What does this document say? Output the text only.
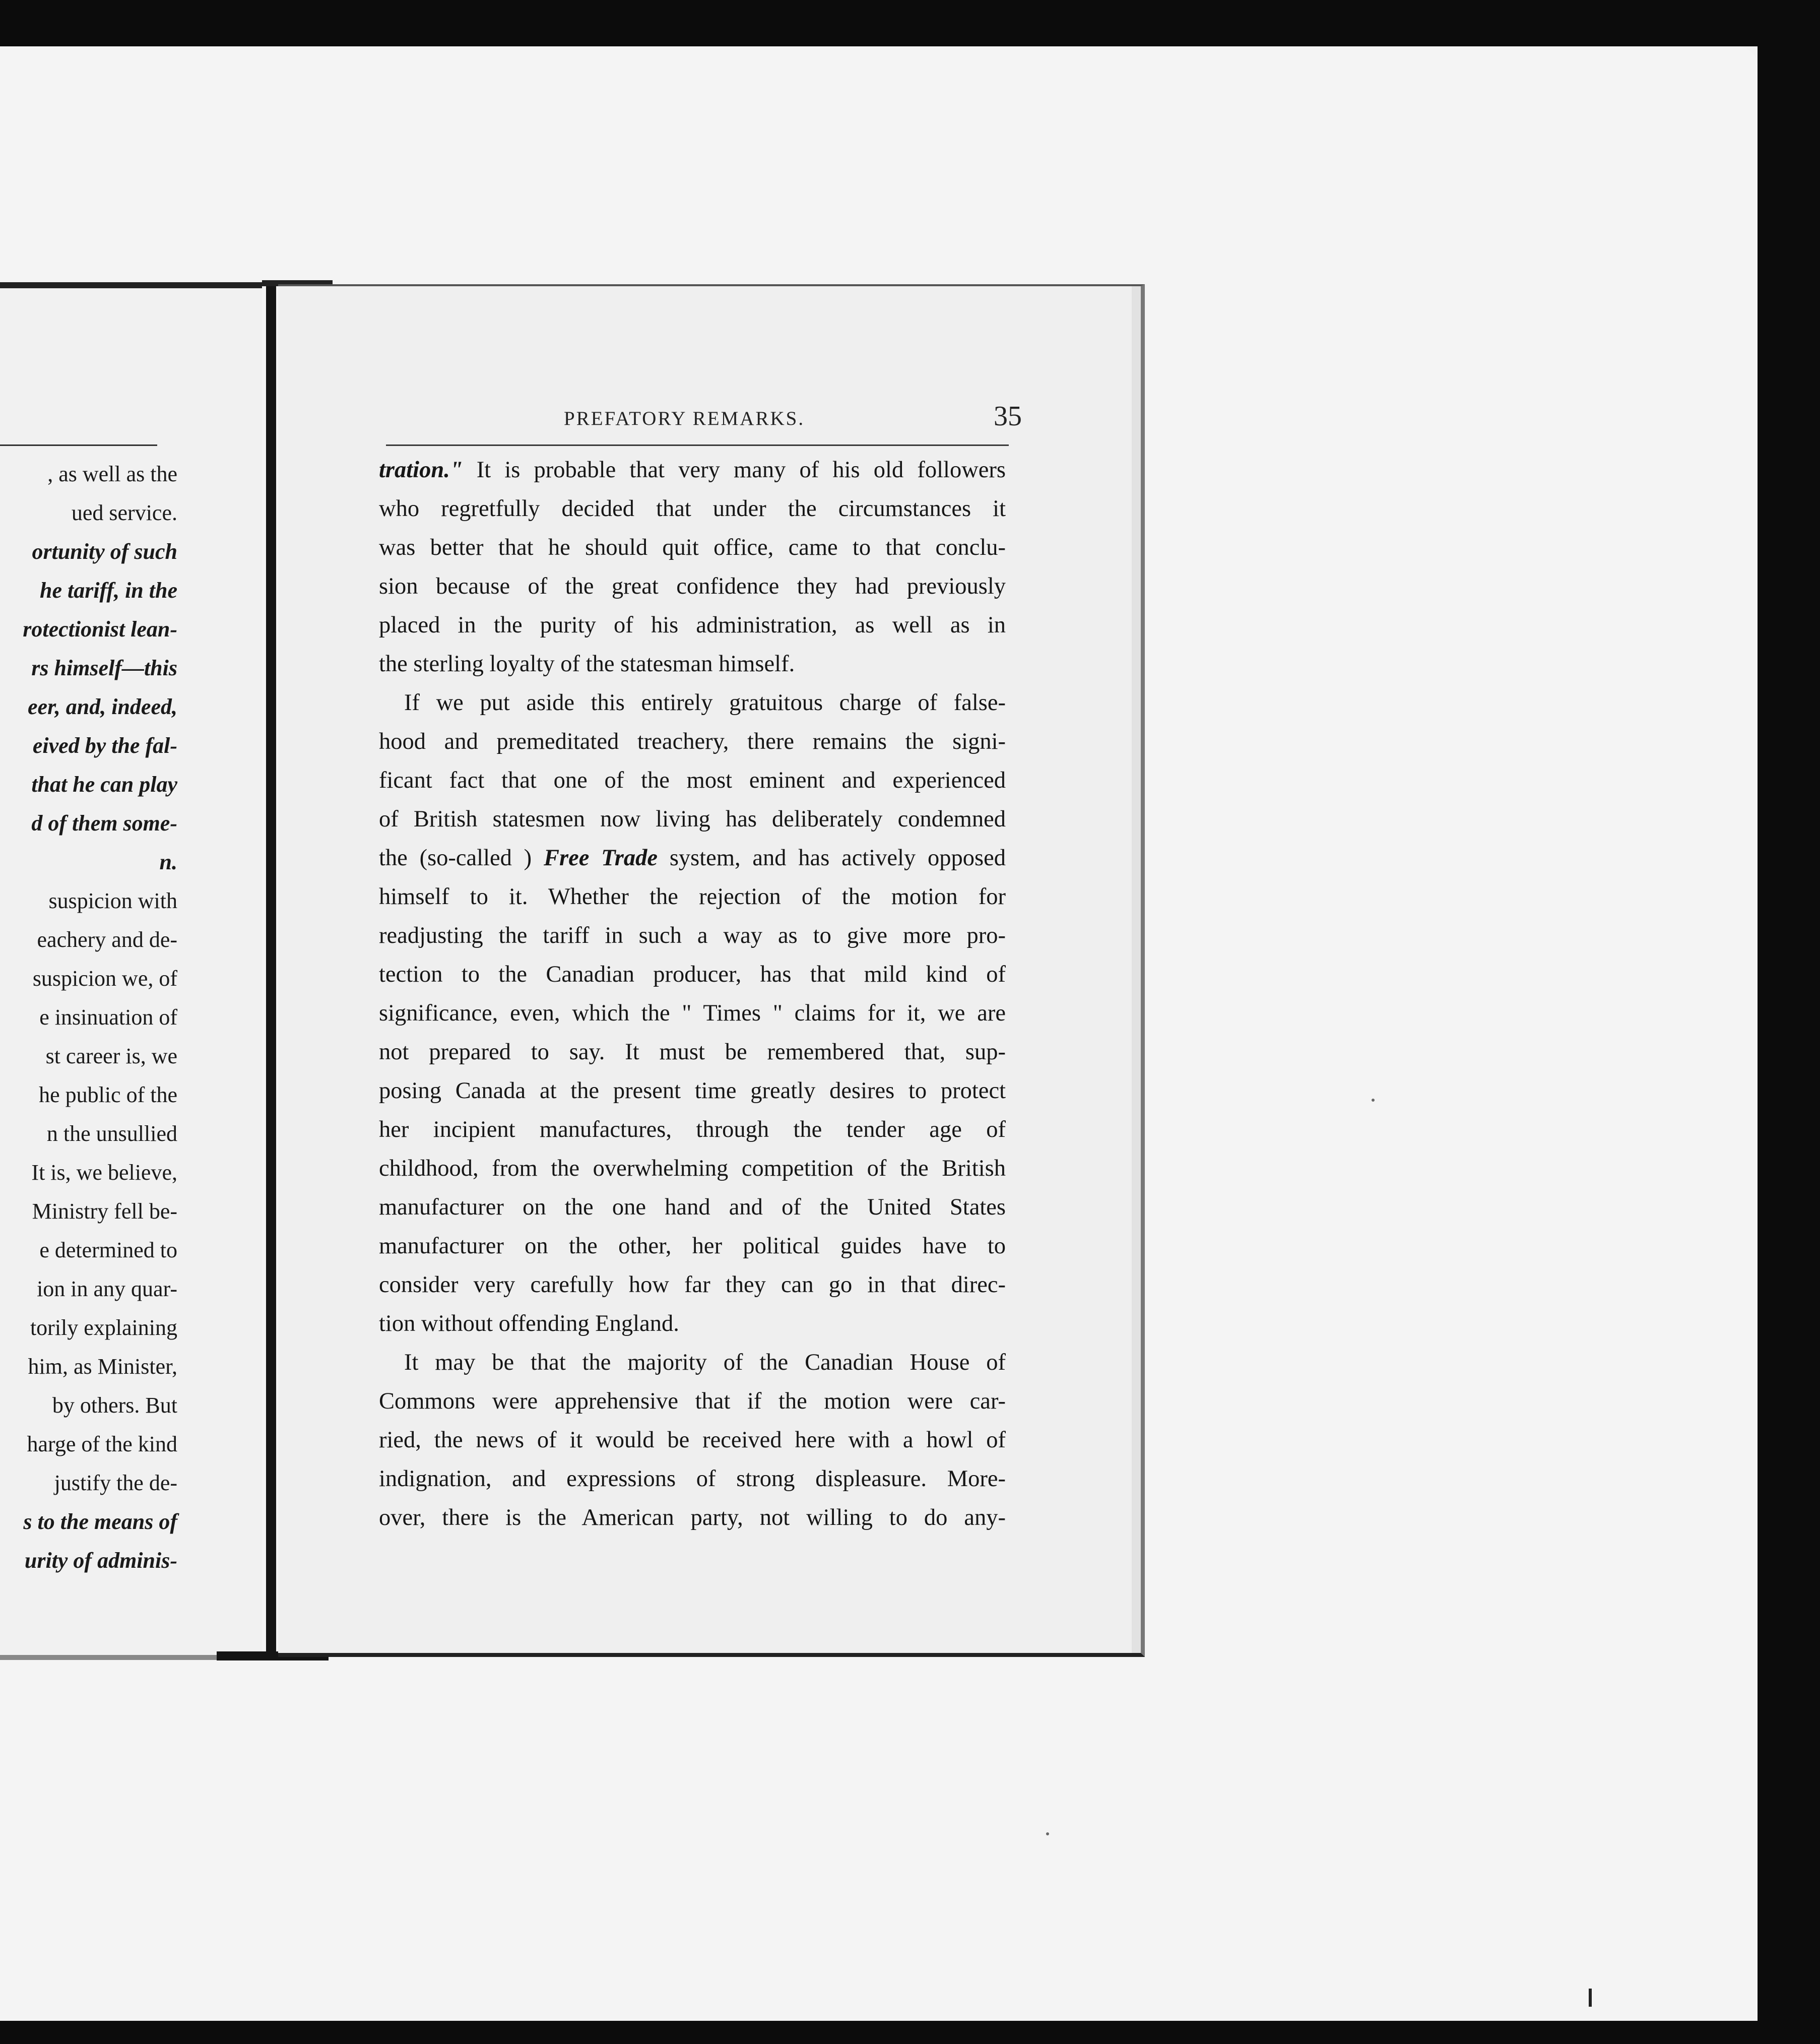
, as well as the
ued service.
ortunity of such
he tariff, in the
rotectionist lean-
rs himself—this
eer, and, indeed,
eived by the fal-
that he can play
d of them some-
n.
suspicion with
eachery and de-
suspicion we, of
e insinuation of
st career is, we
he public of the
n the unsullied
It is, we believe,
Ministry fell be-
e determined to
ion in any quar-
torily explaining
him, as Minister,
by others. But
harge of the kind
justify the de-
s to the means of
urity of adminis-
PREFATORY REMARKS.	35
tration." It is probable that very many of his old followers
who regretfully decided that under the circumstances it
was better that he should quit office, came to that conclu-
sion because of the great confidence they had previously
placed in the purity of his administration, as well as in
the sterling loyalty of the statesman himself.
If we put aside this entirely gratuitous charge of false-
hood and premeditated treachery, there remains the signi-
ficant fact that one of the most eminent and experienced
of British statesmen now living has deliberately condemned
the (so-called ) Free Trade system, and has actively opposed
himself to it. Whether the rejection of the motion for
readjusting the tariff in such a way as to give more pro-
tection to the Canadian producer, has that mild kind of
significance, even, which the " Times " claims for it, we are
not prepared to say. It must be remembered that, sup-
posing Canada at the present time greatly desires to protect
her incipient manufactures, through the tender age of
childhood, from the overwhelming competition of the British
manufacturer on the one hand and of the United States
manufacturer on the other, her political guides have to
consider very carefully how far they can go in that direc-
tion without offending England.
It may be that the majority of the Canadian House of
Commons were apprehensive that if the motion were car-
ried, the news of it would be received here with a howl of
indignation, and expressions of strong displeasure. More-
over, there is the American party, not willing to do any-
